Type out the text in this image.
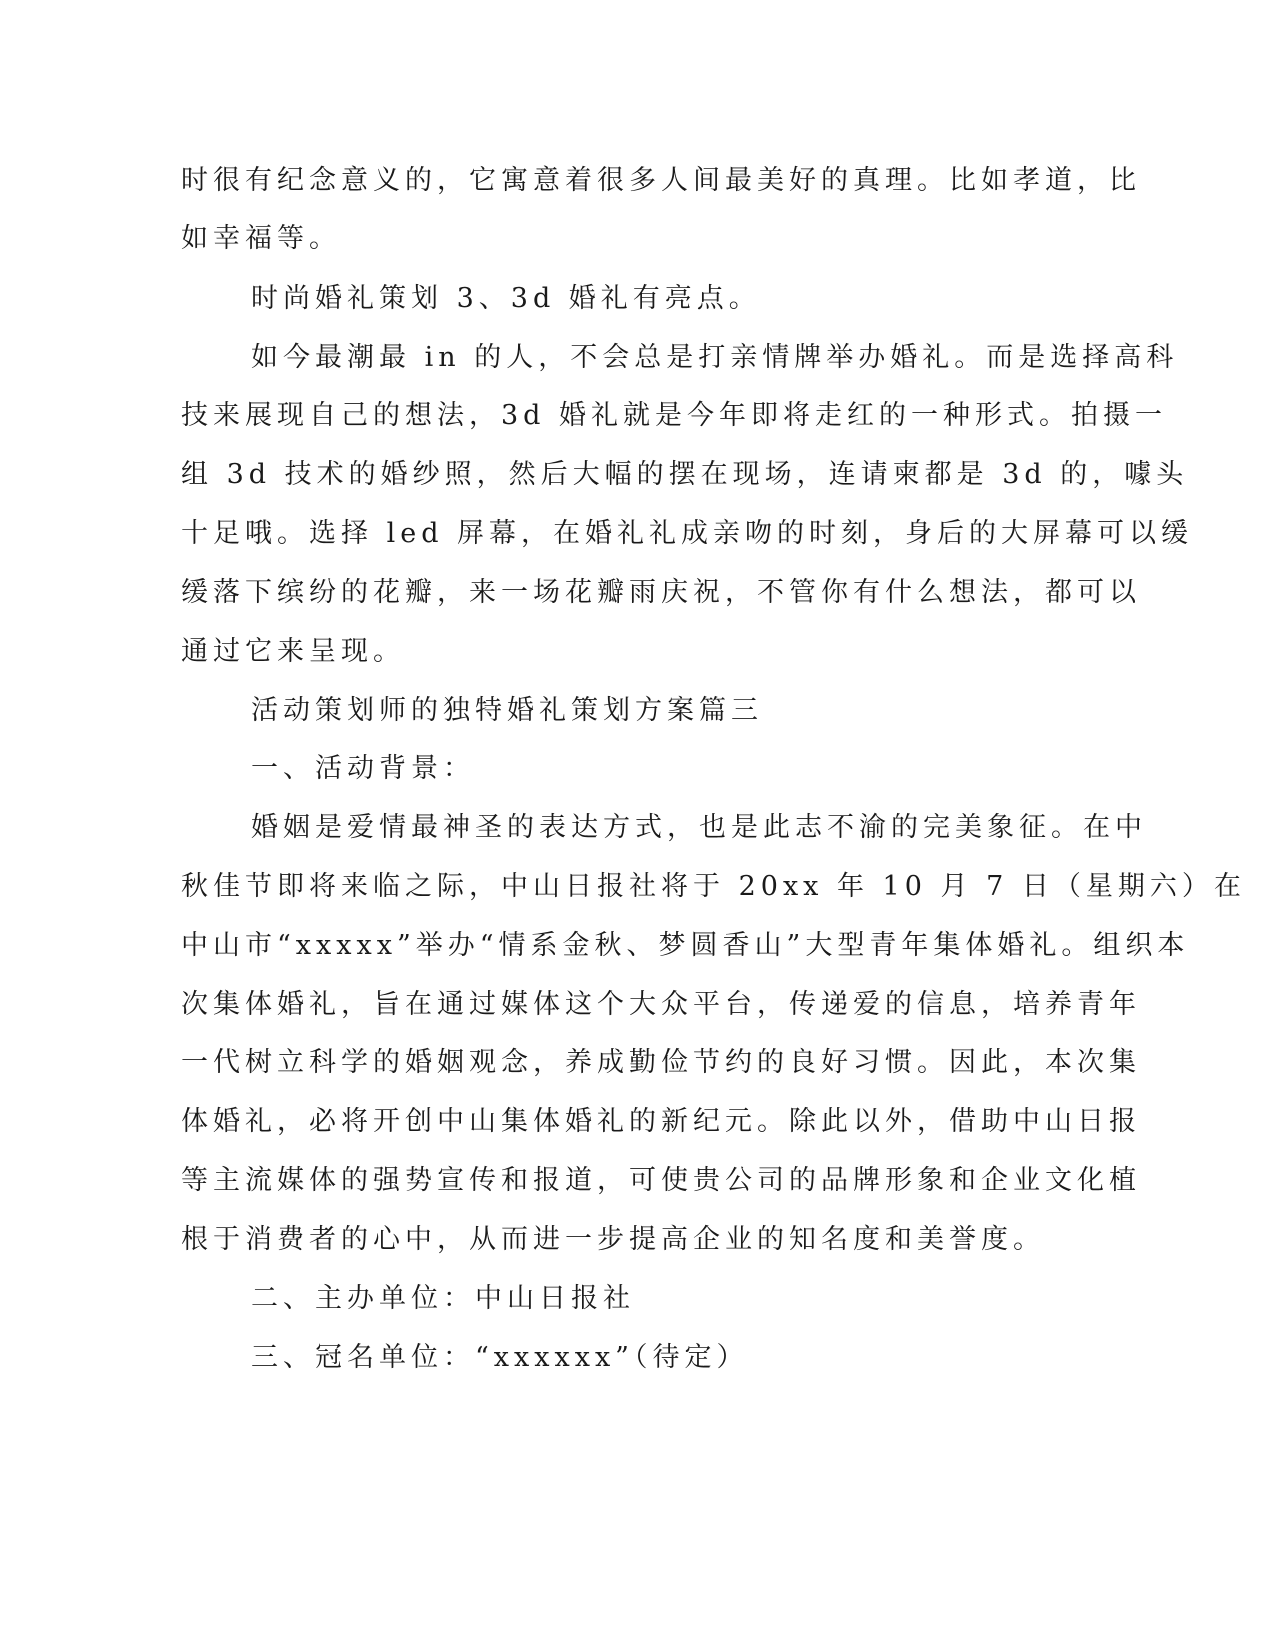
时很有纪念意义的，它寓意着很多人间最美好的真理。比如孝道，比
如幸福等。
时尚婚礼策划 3、3d 婚礼有亮点。
如今最潮最 in 的人，不会总是打亲情牌举办婚礼。而是选择高科
技来展现自己的想法，3d 婚礼就是今年即将走红的一种形式。拍摄一
组 3d 技术的婚纱照，然后大幅的摆在现场，连请柬都是 3d 的，噱头
十足哦。选择 led 屏幕，在婚礼礼成亲吻的时刻，身后的大屏幕可以缓
缓落下缤纷的花瓣，来一场花瓣雨庆祝，不管你有什么想法，都可以
通过它来呈现。
活动策划师的独特婚礼策划方案篇三
一、活动背景：
婚姻是爱情最神圣的表达方式，也是此志不渝的完美象征。在中
秋佳节即将来临之际，中山日报社将于 20xx 年 10 月 7 日（星期六）在
中山市“xxxxx”举办“情系金秋、梦圆香山”大型青年集体婚礼。组织本
次集体婚礼，旨在通过媒体这个大众平台，传递爱的信息，培养青年
一代树立科学的婚姻观念，养成勤俭节约的良好习惯。因此，本次集
体婚礼，必将开创中山集体婚礼的新纪元。除此以外，借助中山日报
等主流媒体的强势宣传和报道，可使贵公司的品牌形象和企业文化植
根于消费者的心中，从而进一步提高企业的知名度和美誉度。
二、主办单位：中山日报社
三、冠名单位：“xxxxxx”（待定）
